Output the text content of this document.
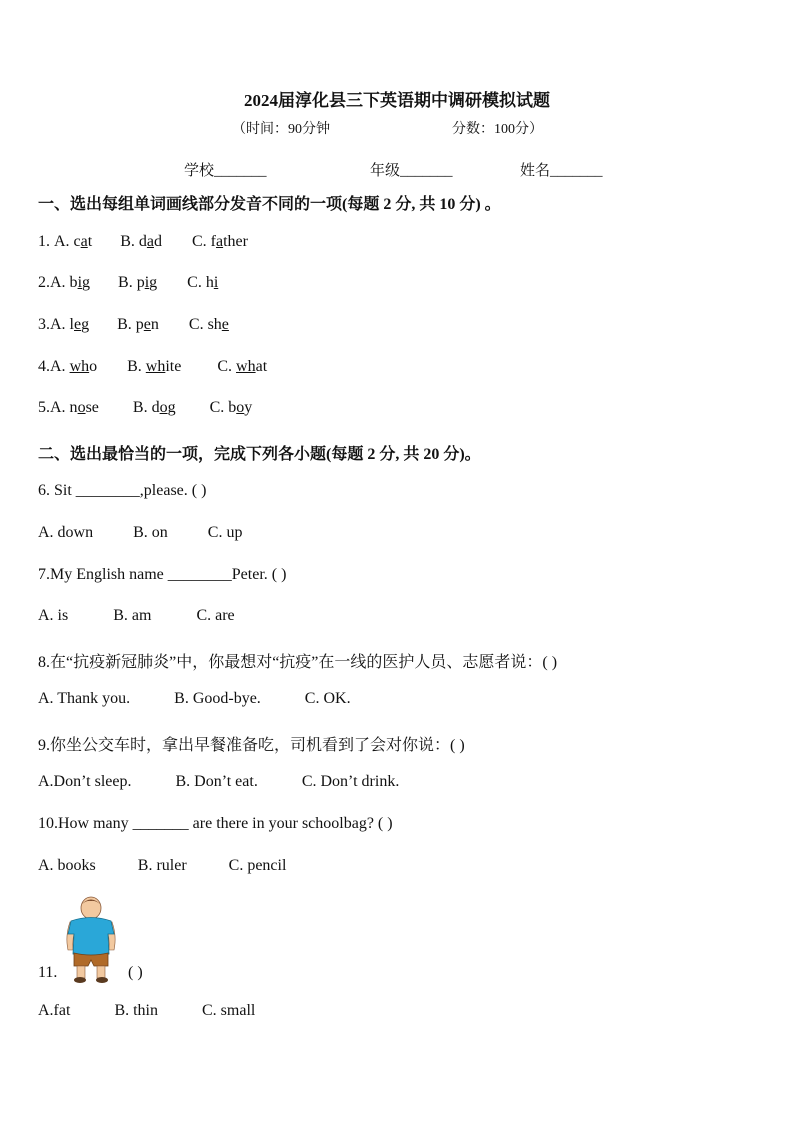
2024届淳化县三下英语期中调研模拟试题
（时间：90分钟	分数：100分）
学校_______	年级_______	姓名_______
一、选出每组单词画线部分发音不同的一项(每题 2 分, 共 10 分) 。
1. A. cat B. dad C. father
2.A. big B. pig C. hi
3.A. leg B. pen C. she
4.A. who B. white C. what
5.A. nose B. dog C. boy
二、选出最恰当的一项，完成下列各小题(每题 2 分, 共 20 分)。
6. Sit ________,please. ( )
A. down	B. on	C. up
7.My English name ________Peter. ( )
A. is	B. am	C. are
8.在“抗疫新冠肺炎”中，你最想对“抗疫”在一线的医护人员、志愿者说：( )
A. Thank you.	B. Good-bye.	C. OK.
9.你坐公交车时，拿出早餐准备吃，司机看到了会对你说：( )
A.Don’t sleep.	B. Don’t eat.	C. Don’t drink.
10.How many _______ are there in your schoolbag? ( )
A. books	B. ruler	C. pencil
11.	( )
A.fat	B. thin	C. small
